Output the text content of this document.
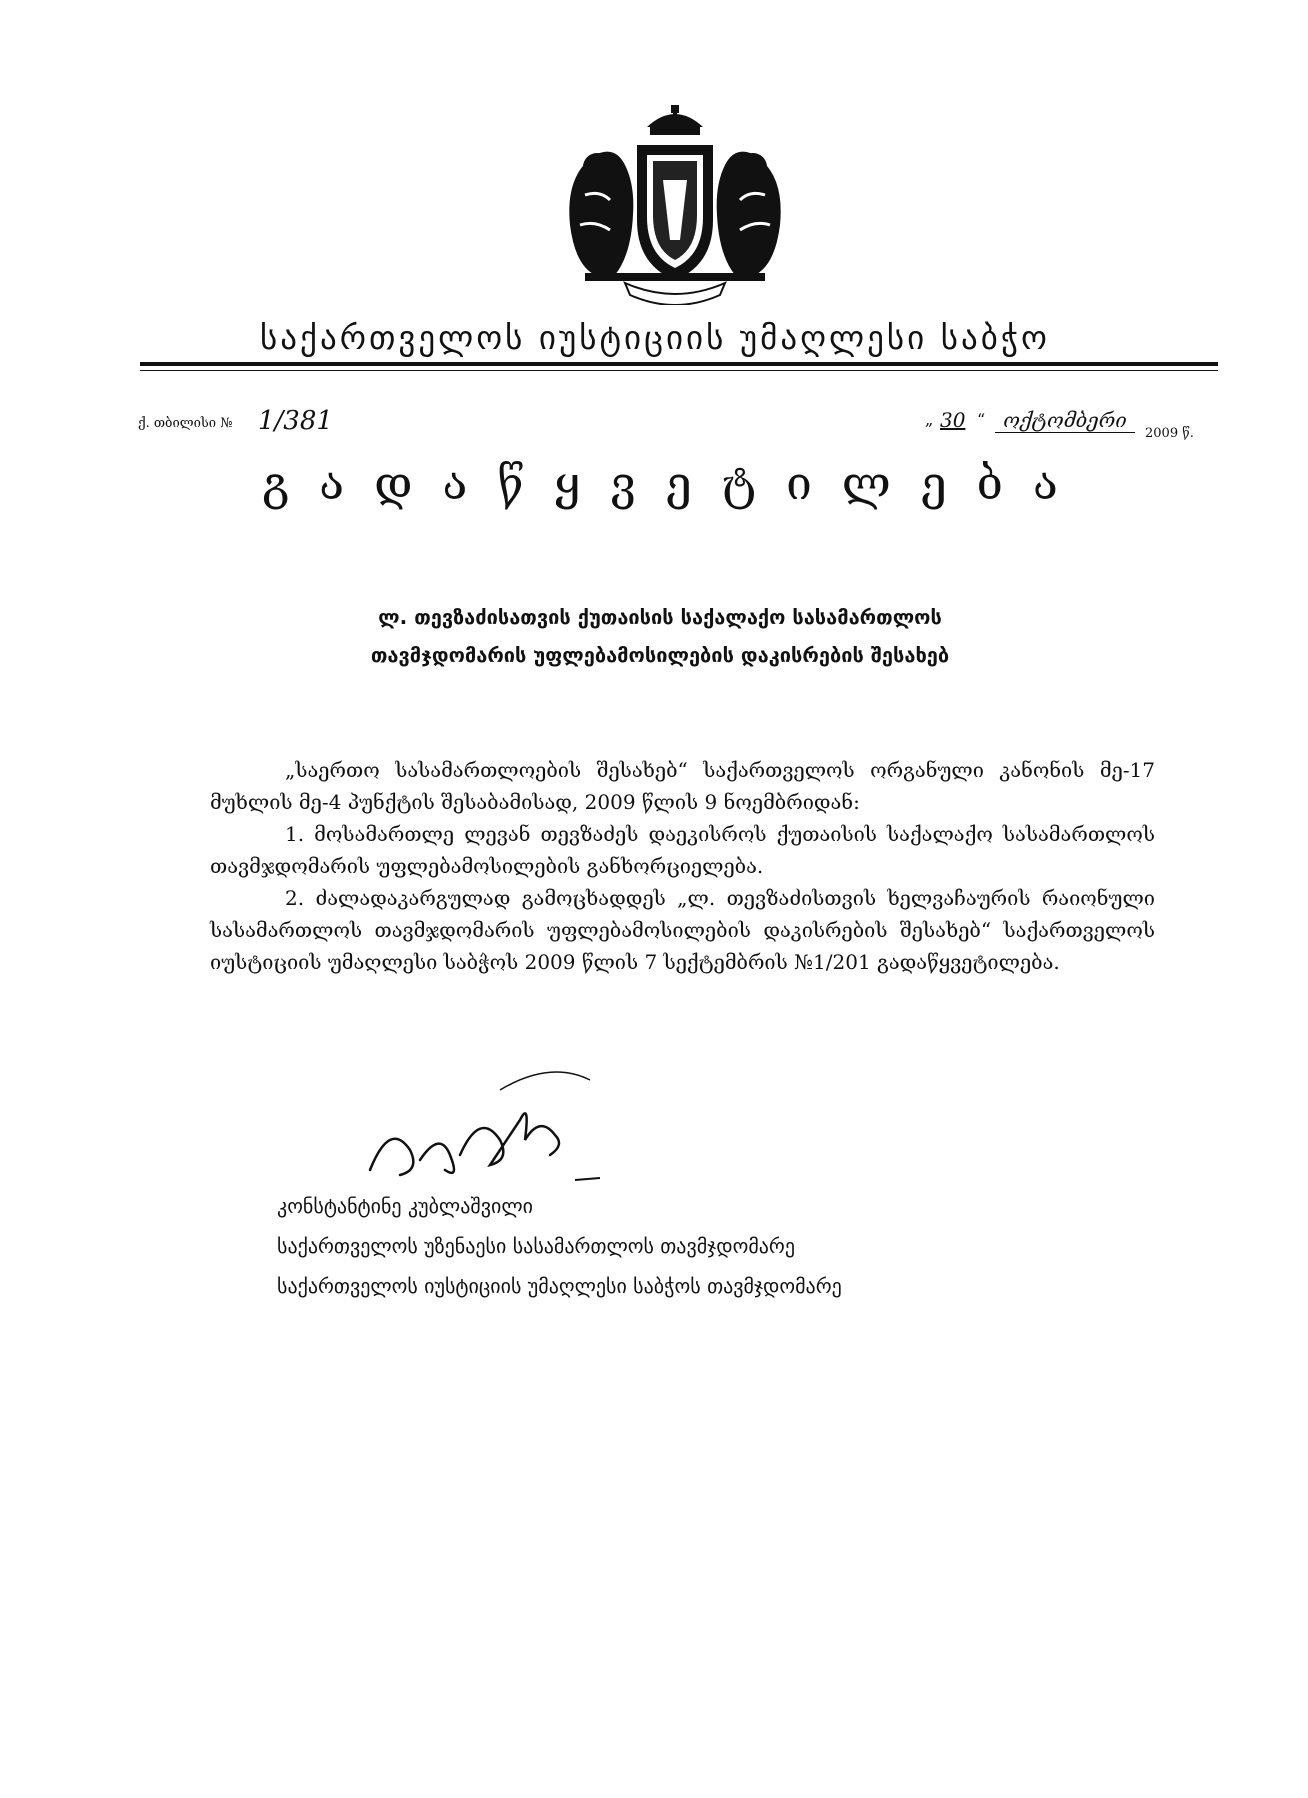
საქართველოს იუსტიციის უმაღლესი საბჭო
ქ. თბილისი № 1/381	„ 30 “ ოქტომბერი
2009 წ.
გადაწყვეტილება
ლ. თევზაძისათვის ქუთაისის საქალაქო სასამართლოს
თავმჯდომარის უფლებამოსილების დაკისრების შესახებ

„საერთო სასამართლოების შესახებ“ საქართველოს ორგანული კანონის მე-17 მუხლის მე-4 პუნქტის შესაბამისად, 2009 წლის 9 ნოემბრიდან:

1. მოსამართლე ლევან თევზაძეს დაეკისროს ქუთაისის საქალაქო სასამართლოს თავმჯდომარის უფლებამოსილების განხორციელება.

2. ძალადაკარგულად გამოცხადდეს „ლ. თევზაძისთვის ხელვაჩაურის რაიონული სასამართლოს თავმჯდომარის უფლებამოსილების დაკისრების შესახებ“ საქართველოს იუსტიციის უმაღლესი საბჭოს 2009 წლის 7 სექტემბრის №1/201 გადაწყვეტილება.

კონსტანტინე კუბლაშვილი
საქართველოს უზენაესი სასამართლოს თავმჯდომარე
საქართველოს იუსტიციის უმაღლესი საბჭოს თავმჯდომარე
